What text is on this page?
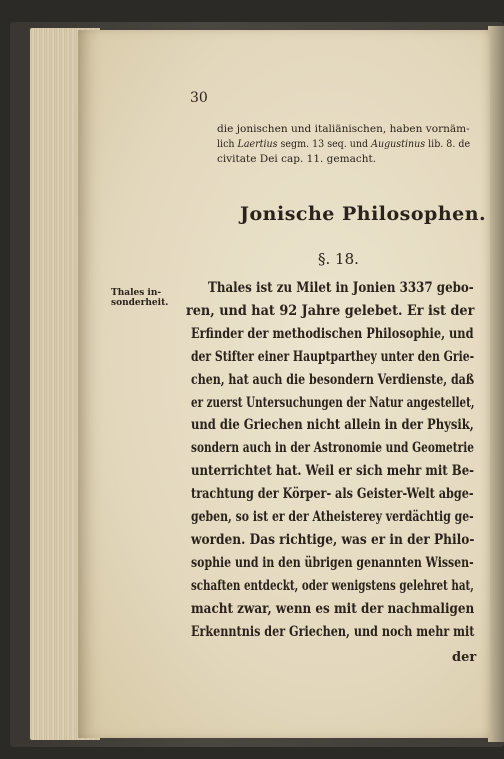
30
die jonischen und italiänischen, haben vornäm-
lich Laertius segm. 13 seq. und Augustinus lib. 8. de
civitate Dei cap. 11. gemacht.
Jonische Philosophen.
§. 18.
Thales in-
sonderheit.
Thales ist zu Milet in Jonien 3337 gebo-
ren, und hat 92 Jahre gelebet. Er ist der
Erfinder der methodischen Philosophie, und
der Stifter einer Hauptparthey unter den Grie-
chen, hat auch die besondern Verdienste, daß
er zuerst Untersuchungen der Natur angestellet,
und die Griechen nicht allein in der Physik,
sondern auch in der Astronomie und Geometrie
unterrichtet hat. Weil er sich mehr mit Be-
trachtung der Körper- als Geister-Welt abge-
geben, so ist er der Atheisterey verdächtig ge-
worden. Das richtige, was er in der Philo-
sophie und in den übrigen genannten Wissen-
schaften entdeckt, oder wenigstens gelehret hat,
macht zwar, wenn es mit der nachmaligen
Erkenntnis der Griechen, und noch mehr mit
der
